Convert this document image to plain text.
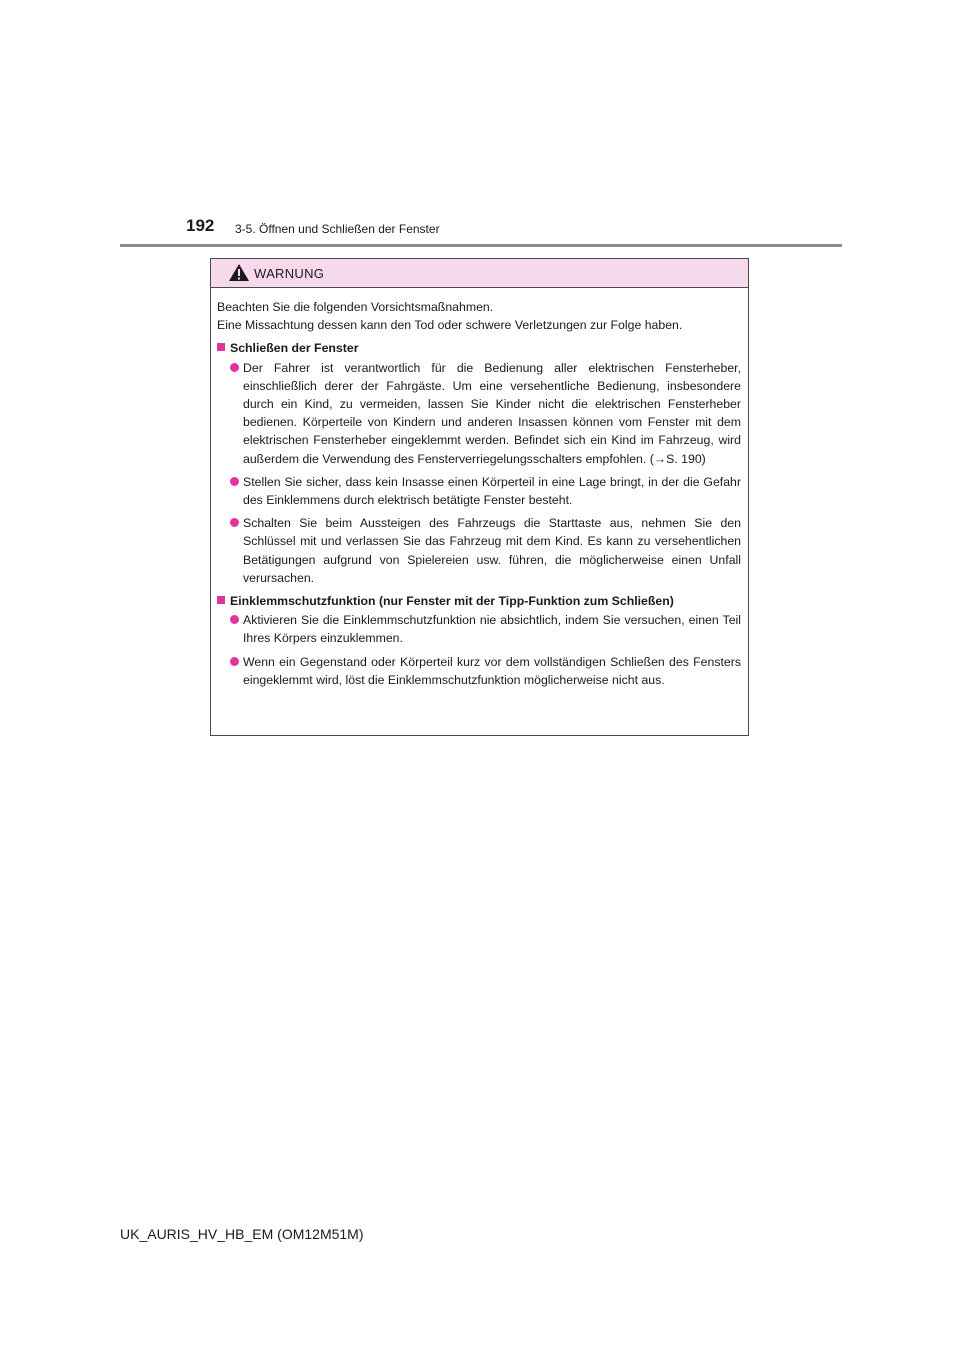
192 3-5. Öffnen und Schließen der Fenster
WARNUNG
Beachten Sie die folgenden Vorsichtsmaßnahmen.
Eine Missachtung dessen kann den Tod oder schwere Verletzungen zur Folge haben.
Schließen der Fenster
Der Fahrer ist verantwortlich für die Bedienung aller elektrischen Fensterheber, einschließlich derer der Fahrgäste. Um eine versehentliche Bedienung, insbesondere durch ein Kind, zu vermeiden, lassen Sie Kinder nicht die elektrischen Fensterheber bedienen. Körperteile von Kindern und anderen Insassen können vom Fenster mit dem elektrischen Fensterheber eingeklemmt werden. Befindet sich ein Kind im Fahrzeug, wird außerdem die Verwendung des Fensterverriegelungsschalters empfohlen. (→S. 190)
Stellen Sie sicher, dass kein Insasse einen Körperteil in eine Lage bringt, in der die Gefahr des Einklemmens durch elektrisch betätigte Fenster besteht.
Schalten Sie beim Aussteigen des Fahrzeugs die Starttaste aus, nehmen Sie den Schlüssel mit und verlassen Sie das Fahrzeug mit dem Kind. Es kann zu versehentlichen Betätigungen aufgrund von Spielereien usw. führen, die möglicherweise einen Unfall verursachen.
Einklemmschutzfunktion (nur Fenster mit der Tipp-Funktion zum Schließen)
Aktivieren Sie die Einklemmschutzfunktion nie absichtlich, indem Sie versuchen, einen Teil Ihres Körpers einzuklemmen.
Wenn ein Gegenstand oder Körperteil kurz vor dem vollständigen Schließen des Fensters eingeklemmt wird, löst die Einklemmschutzfunktion möglicherweise nicht aus.
UK_AURIS_HV_HB_EM (OM12M51M)
